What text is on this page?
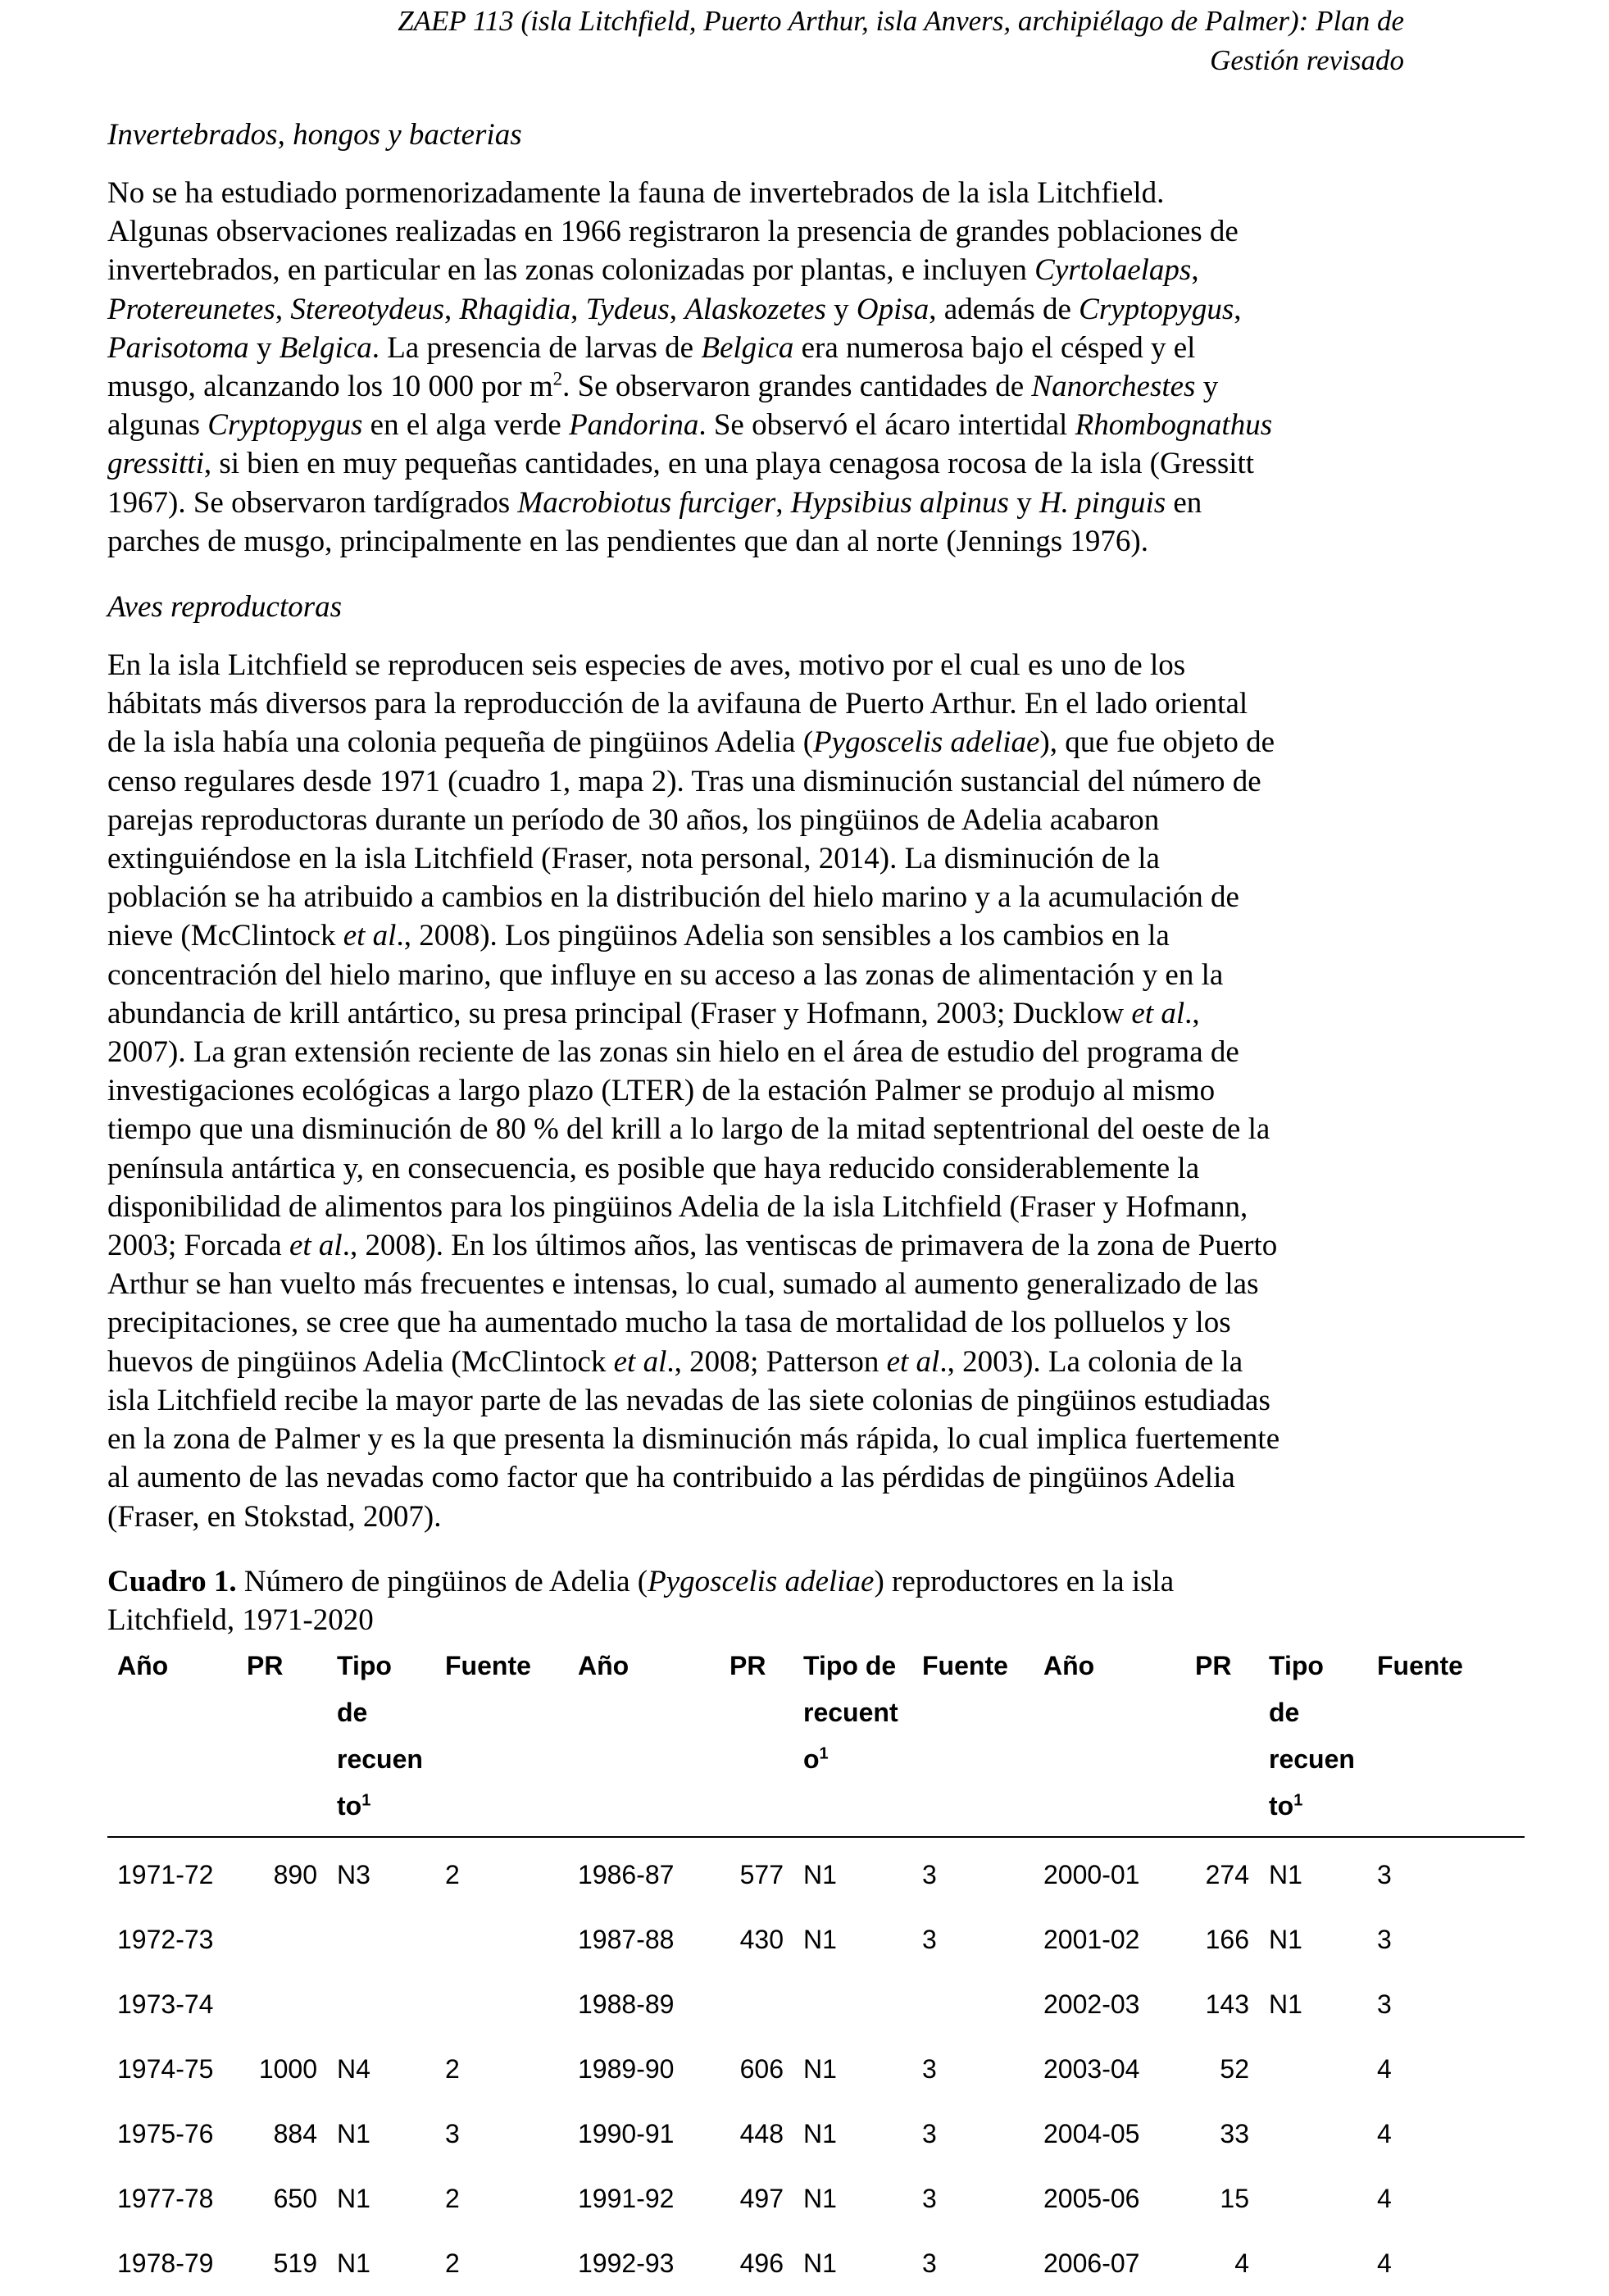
ZAEP 113 (isla Litchfield, Puerto Arthur, isla Anvers, archipiélago de Palmer): Plan de
Gestión revisado
Invertebrados, hongos y bacterias
No se ha estudiado pormenorizadamente la fauna de invertebrados de la isla Litchfield.
Algunas observaciones realizadas en 1966 registraron la presencia de grandes poblaciones de
invertebrados, en particular en las zonas colonizadas por plantas, e incluyen Cyrtolaelaps,
Protereunetes, Stereotydeus, Rhagidia, Tydeus, Alaskozetes y Opisa, además de Cryptopygus,
Parisotoma y Belgica. La presencia de larvas de Belgica era numerosa bajo el césped y el
musgo, alcanzando los 10 000 por $m^2$. Se observaron grandes cantidades de Nanorchestes y
algunas Cryptopygus en el alga verde Pandorina. Se observó el ácaro intertidal Rhombognathus
gressitti, si bien en muy pequeñas cantidades, en una playa cenagosa rocosa de la isla (Gressitt
1967). Se observaron tardígrados Macrobiotus furciger, Hypsibius alpinus y H. pinguis en
parches de musgo, principalmente en las pendientes que dan al norte (Jennings 1976).
Aves reproductoras
En la isla Litchfield se reproducen seis especies de aves, motivo por el cual es uno de los
hábitats más diversos para la reproducción de la avifauna de Puerto Arthur. En el lado oriental
de la isla había una colonia pequeña de pingüinos Adelia (Pygoscelis adeliae), que fue objeto de
censo regulares desde 1971 (cuadro 1, mapa 2). Tras una disminución sustancial del número de
parejas reproductoras durante un período de 30 años, los pingüinos de Adelia acabaron
extinguiéndose en la isla Litchfield (Fraser, nota personal, 2014). La disminución de la
población se ha atribuido a cambios en la distribución del hielo marino y a la acumulación de
nieve (McClintock et al., 2008). Los pingüinos Adelia son sensibles a los cambios en la
concentración del hielo marino, que influye en su acceso a las zonas de alimentación y en la
abundancia de krill antártico, su presa principal (Fraser y Hofmann, 2003; Ducklow et al.,
2007). La gran extensión reciente de las zonas sin hielo en el área de estudio del programa de
investigaciones ecológicas a largo plazo (LTER) de la estación Palmer se produjo al mismo
tiempo que una disminución de 80 % del krill a lo largo de la mitad septentrional del oeste de la
península antártica y, en consecuencia, es posible que haya reducido considerablemente la
disponibilidad de alimentos para los pingüinos Adelia de la isla Litchfield (Fraser y Hofmann,
2003; Forcada et al., 2008). En los últimos años, las ventiscas de primavera de la zona de Puerto
Arthur se han vuelto más frecuentes e intensas, lo cual, sumado al aumento generalizado de las
precipitaciones, se cree que ha aumentado mucho la tasa de mortalidad de los polluelos y los
huevos de pingüinos Adelia (McClintock et al., 2008; Patterson et al., 2003). La colonia de la
isla Litchfield recibe la mayor parte de las nevadas de las siete colonias de pingüinos estudiadas
en la zona de Palmer y es la que presenta la disminución más rápida, lo cual implica fuertemente
al aumento de las nevadas como factor que ha contribuido a las pérdidas de pingüinos Adelia
(Fraser, en Stokstad, 2007).
Cuadro 1. Número de pingüinos de Adelia (Pygoscelis adeliae) reproductores en la isla
Litchfield, 1971-2020
Año	PR	Tipo
de
recuen
$to^1$	Fuente	Año	PR	Tipo de
recuent
$o^1$	Fuente	Año	PR	Tipo
de
recuen
$to^1$	Fuente
1971-72	890	N3	2	1986-87	577	N1	3	2000-01	274	N1	3
1972-73				1987-88	430	N1	3	2001-02	166	N1	3
1973-74				1988-89				2002-03	143	N1	3
1974-75	1000	N4	2	1989-90	606	N1	3	2003-04	52		4
1975-76	884	N1	3	1990-91	448	N1	3	2004-05	33		4
1977-78	650	N1	2	1991-92	497	N1	3	2005-06	15		4
1978-79	519	N1	2	1992-93	496	N1	3	2006-07	4		4
